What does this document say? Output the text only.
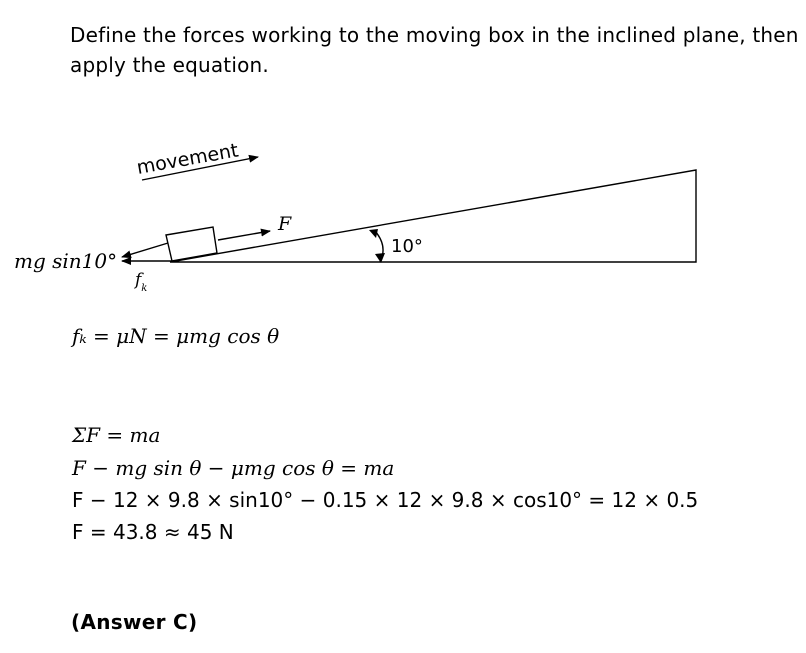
Define the forces working to the moving box in the inclined plane, then apply the equation.
movement
F
mg sin10°
$f_k$
10°
fₖ = μN = μmg cos θ
ΣF = ma
F − mg sin θ − μmg cos θ = ma
F − 12 × 9.8 × sin10° − 0.15 × 12 × 9.8 × cos10° = 12 × 0.5
F = 43.8 ≈ 45 N
(Answer C)
